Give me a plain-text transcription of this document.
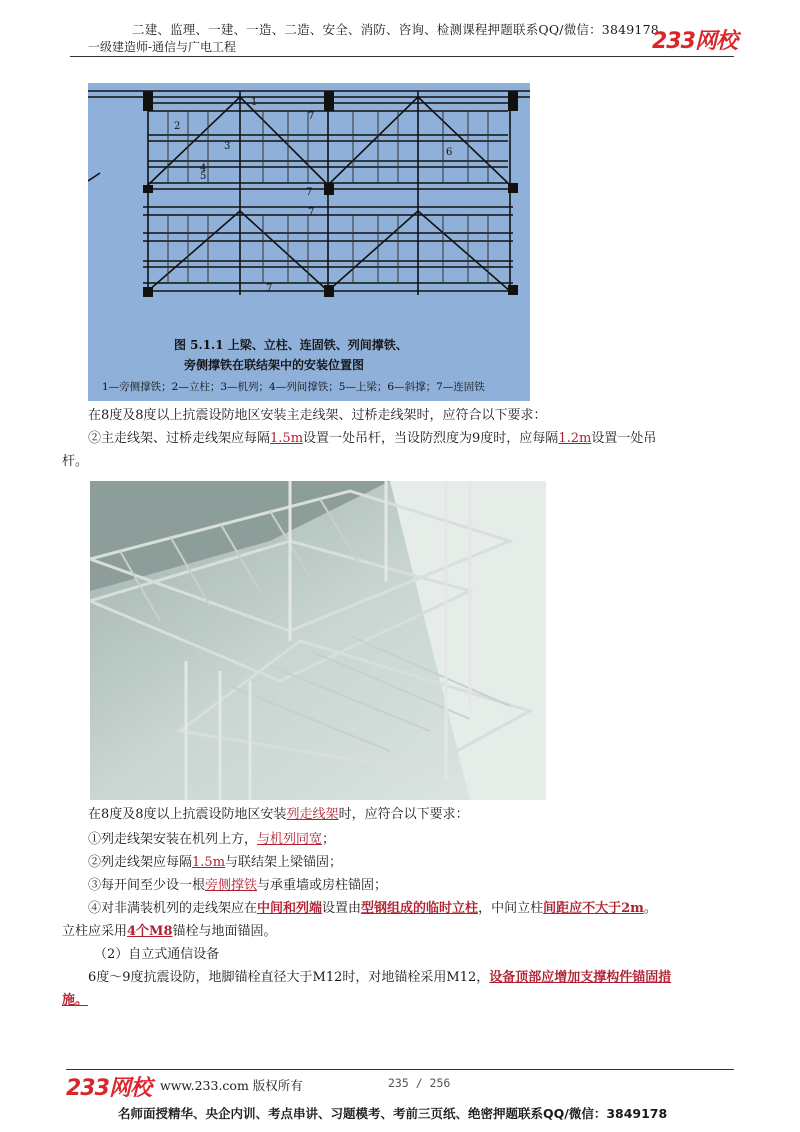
二建、监理、一建、一造、二造、安全、消防、咨询、检测课程押题联系QQ/微信：3849178
一级建造师-通信与广电工程	233网校
1
2
3
4
5
6
7
7
7
7
图 5.1.1 上梁、立柱、连固铁、列间撑铁、
旁侧撑铁在联结架中的安装位置图
1—旁侧撑铁；2—立柱；3—机列；4—列间撑铁；5—上梁；6—斜撑；7—连固铁
在8度及8度以上抗震设防地区安装主走线架、过桥走线架时，应符合以下要求：
②主走线架、过桥走线架应每隔1.5m设置一处吊杆，当设防烈度为9度时，应每隔1.2m设置一处吊
杆。
在8度及8度以上抗震设防地区安装列走线架时，应符合以下要求：
①列走线架安装在机列上方，与机列同宽；
②列走线架应每隔1.5m与联结架上梁锚固；
③每开间至少设一根旁侧撑铁与承重墙或房柱锚固；
④对非满装机列的走线架应在中间和列端设置由型钢组成的临时立柱，中间立柱间距应不大于2m。
立柱应采用4个M8锚栓与地面锚固。
（2）自立式通信设备
6度～9度抗震设防，地脚锚栓直径大于M12时，对地锚栓采用M12，设备顶部应增加支撑构件锚固措
施。
233网校 www.233.com 版权所有	235 / 256
名师面授精华、央企内训、考点串讲、习题模考、考前三页纸、绝密押题联系QQ/微信：3849178
